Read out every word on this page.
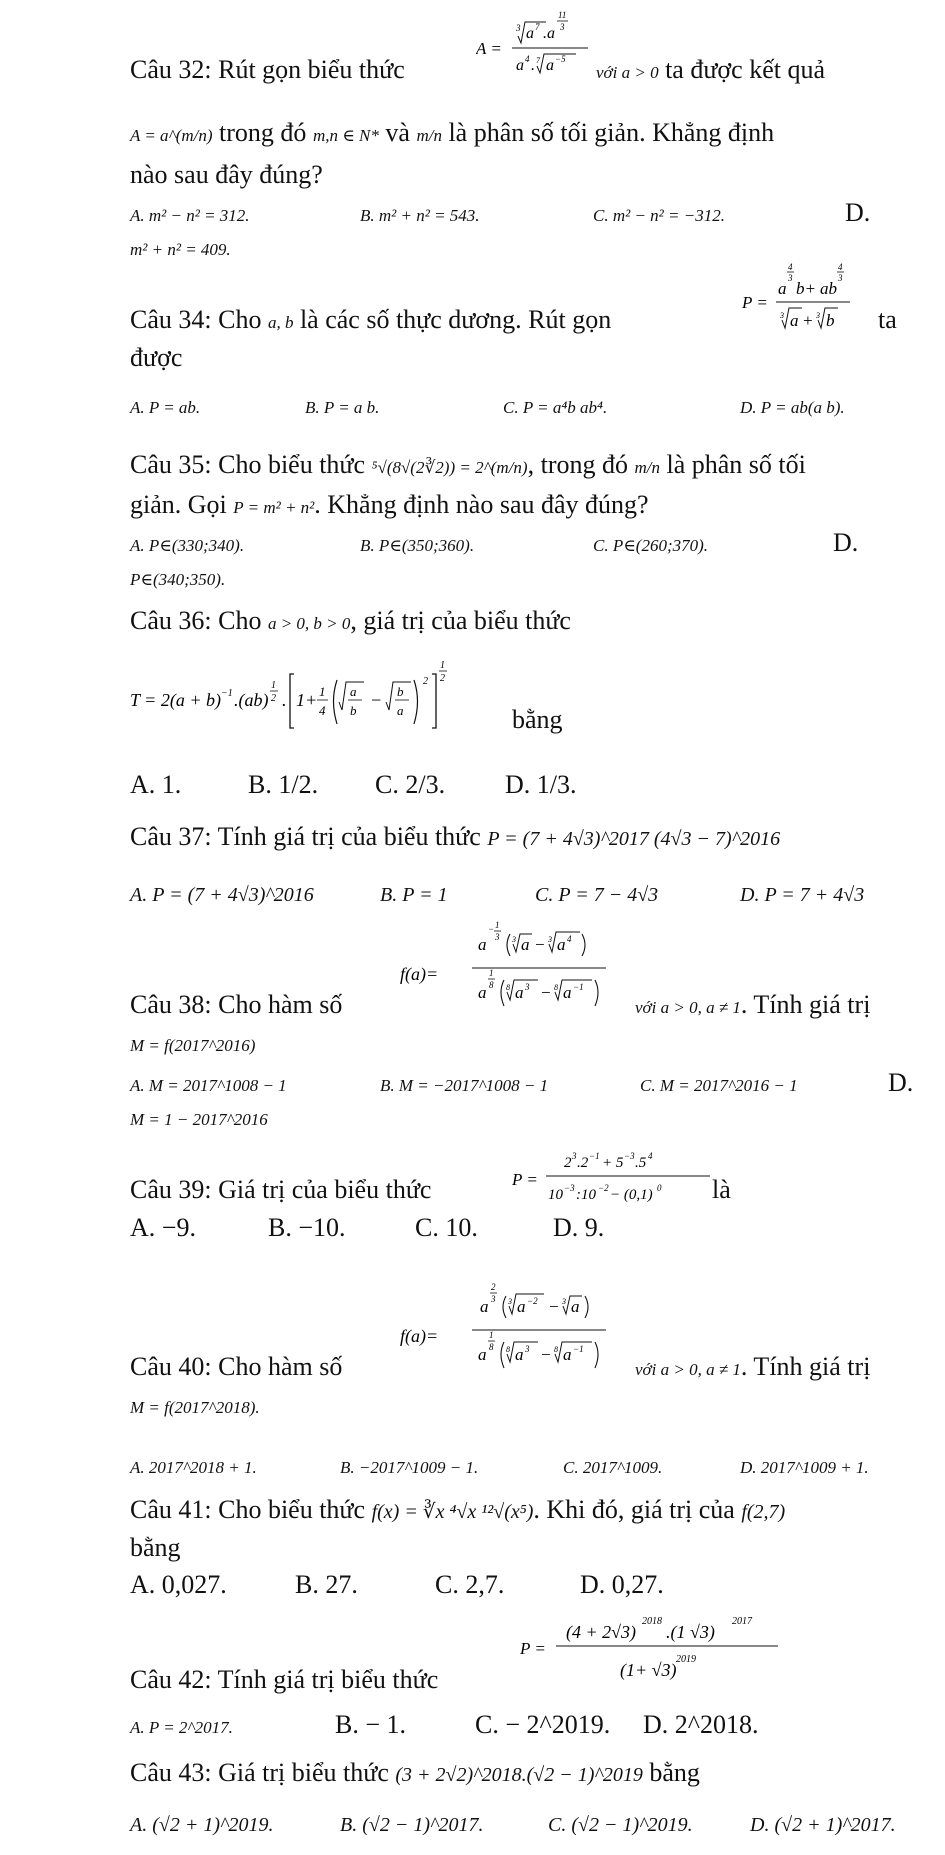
Câu 32: Rút gọn biểu thức
A =
3 a 7 .a
11
3
a 4 . 7 a −5
với a > 0 ta được kết quả
A = a^(m/n) trong đó m,n ∈ N* và m/n là phân số tối giản. Khẳng định
nào sau đây đúng?
A. m² − n² = 312.	B. m² + n² = 543.	C. m² − n² = −312.	D.
m² + n² = 409.
Câu 34: Cho a, b là các số thực dương. Rút gọn
P =
a
4
3
b+ ab
4
3
3 a + 3 b ta
được
A. P = ab.	B. P = a b.	C. P = a⁴b ab⁴.	D. P = ab(a b).
Câu 35: Cho biểu thức ⁵√(8√(2∛2)) = 2^(m/n), trong đó m/n là phân số tối
giản. Gọi P = m² + n². Khẳng định nào sau đây đúng?
A. P∈(330;340).	B. P∈(350;360).	C. P∈(260;370).	D.
P∈(340;350).
Câu 36: Cho a > 0, b > 0, giá trị của biểu thức
T = 2(a + b) −1 .(ab)
1
2 . 1+ 1
4
a
b
− b
a
2
1
2
bằng
A. 1.	B. 1/2. C. 2/3. D. 1/3.
Câu 37: Tính giá trị của biểu thức P = (7 + 4√3)^2017 (4√3 − 7)^2016
A. P = (7 + 4√3)^2016	B. P = 1	C. P = 7 − 4√3	D. P = 7 + 4√3
f(a)=
a
− 1
3 3 a − 3 a 4
a
1
8 8 a 3 − 8 a −1
Câu 38: Cho hàm số	với a > 0, a ≠ 1. Tính giá trị
M = f(2017^2016)
A. M = 2017^1008 − 1	B. M = −2017^1008 − 1	C. M = 2017^2016 − 1	D.
M = 1 − 2017^2016
Câu 39: Giá trị của biểu thức	P =
2 3 .2 −1 + 5 −3 .5 4
10 −3 :10 −2 − (0,1) 0 là
A. −9.	B. −10.	C. 10.	D. 9.
f(a)=
a
2
3 3 a −2 − 3 a
a
1
8 8 a 3 − 8 a −1
Câu 40: Cho hàm số	với a > 0, a ≠ 1. Tính giá trị
M = f(2017^2018).
A. 2017^2018 + 1.	B. −2017^1009 − 1.	C. 2017^1009.	D. 2017^1009 + 1.
Câu 41: Cho biểu thức f(x) = ∛x ⁴√x ¹²√(x⁵). Khi đó, giá trị của f(2,7)
bằng
A. 0,027.	B. 27.	C. 2,7.	D. 0,27.
P =
(4 + 2√3)
2018
.(1 √3)
2017
(1+ √3)
2019
Câu 42: Tính giá trị biểu thức
A. P = 2^2017.	B. − 1.	C. − 2^2019. D. 2^2018.
Câu 43: Giá trị biểu thức (3 + 2√2)^2018.(√2 − 1)^2019 bằng
A. (√2 + 1)^2019.	B. (√2 − 1)^2017.	C. (√2 − 1)^2019.	D. (√2 + 1)^2017.
